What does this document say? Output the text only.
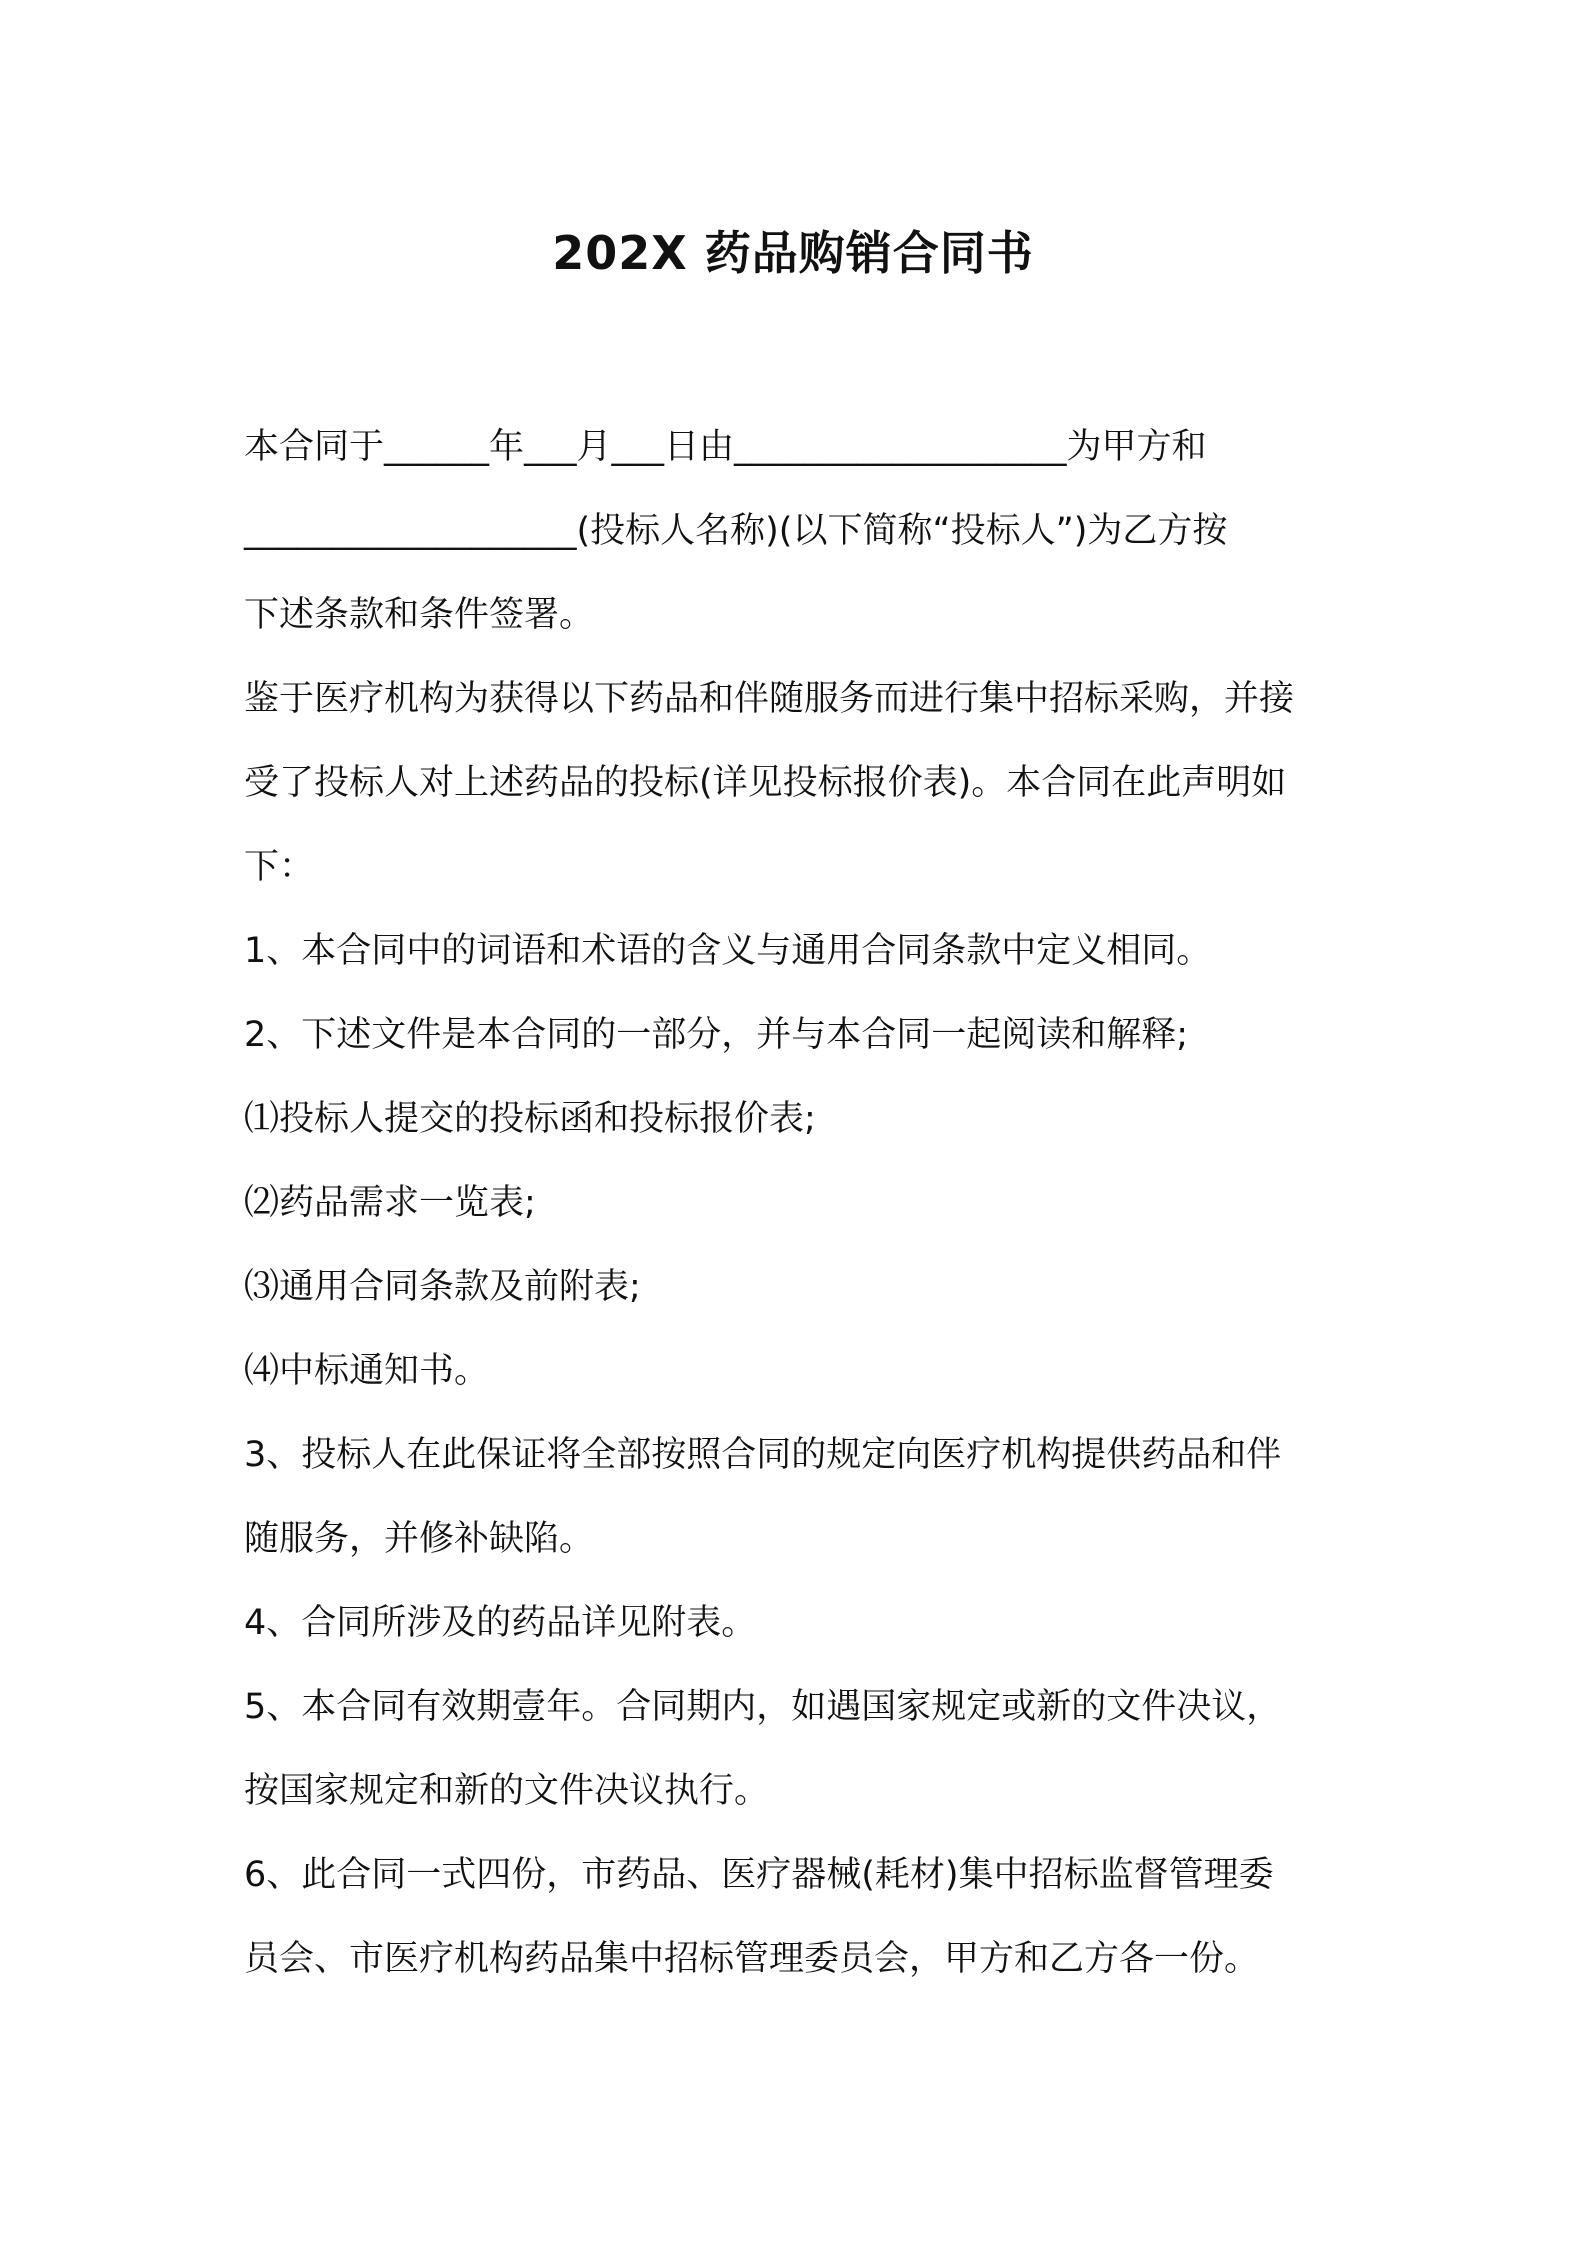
202X 药品购销合同书
本合同于______年___月___日由___________________为甲方和
___________________(投标人名称)(以下简称“投标人”)为乙方按
下述条款和条件签署。
鉴于医疗机构为获得以下药品和伴随服务而进行集中招标采购，并接
受了投标人对上述药品的投标(详见投标报价表)。本合同在此声明如
下：
1、本合同中的词语和术语的含义与通用合同条款中定义相同。
2、下述文件是本合同的一部分，并与本合同一起阅读和解释;
⑴投标人提交的投标函和投标报价表;
⑵药品需求一览表;
⑶通用合同条款及前附表;
⑷中标通知书。
3、投标人在此保证将全部按照合同的规定向医疗机构提供药品和伴
随服务，并修补缺陷。
4、合同所涉及的药品详见附表。
5、本合同有效期壹年。合同期内，如遇国家规定或新的文件决议，
按国家规定和新的文件决议执行。
6、此合同一式四份，市药品、医疗器械(耗材)集中招标监督管理委
员会、市医疗机构药品集中招标管理委员会，甲方和乙方各一份。
